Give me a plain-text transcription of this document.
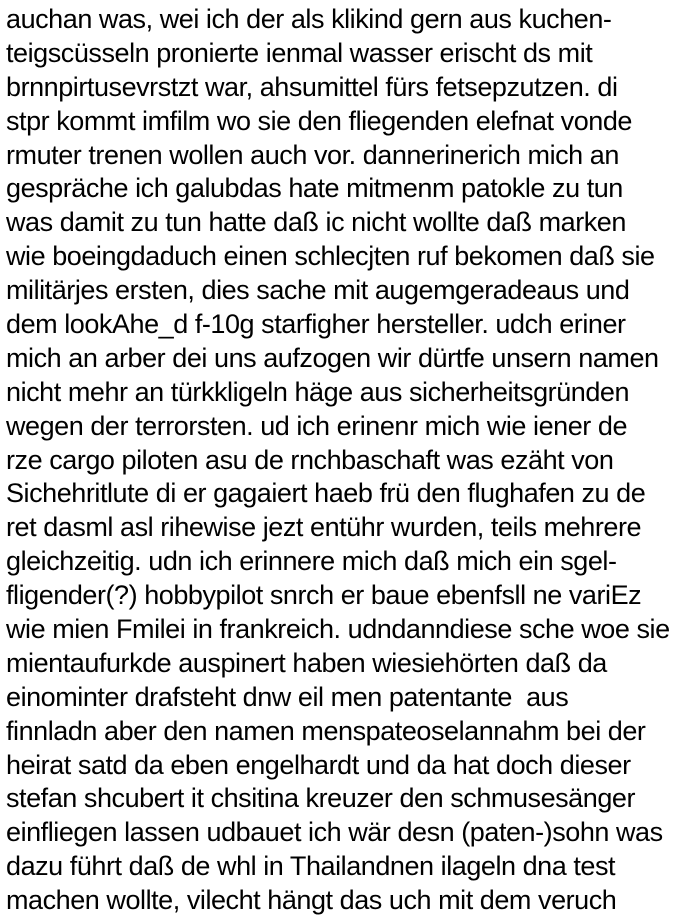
auchan was, wei ich der als klikind gern aus kuchen-
teigscüsseln pronierte ienmal wasser erischt ds mit
brnnpirtusevrstzt war, ahsumittel fürs fetsepzutzen. di
stpr kommt imfilm wo sie den fliegenden elefnat vonde
rmuter trenen wollen auch vor. dannerinerich mich an
gespräche ich galubdas hate mitmenm patokle zu tun
was damit zu tun hatte daß ic nicht wollte daß marken
wie boeingdaduch einen schlecjten ruf bekomen daß sie
militärjes ersten, dies sache mit augemgeradeaus und
dem lookAhe_d f-10g starfigher hersteller. udch eriner
mich an arber dei uns aufzogen wir dürtfe unsern namen
nicht mehr an türkkligeln häge aus sicherheitsgründen
wegen der terrorsten. ud ich erinenr mich wie iener de
rze cargo piloten asu de rnchbaschaft was ezäht von
Sichehritlute di er gagaiert haeb frü den flughafen zu de
ret dasml asl rihewise jezt entühr wurden, teils mehrere
gleichzeitig. udn ich erinnere mich daß mich ein sgel-
fligender(?) hobbypilot snrch er baue ebenfsll ne variEz
wie mien Fmilei in frankreich. udndanndiese sche woe sie
mientaufurkde auspinert haben wiesiehörten daß da
einominter drafsteht dnw eil men patentante  aus
finnladn aber den namen menspateoselannahm bei der
heirat satd da eben engelhardt und da hat doch dieser
stefan shcubert it chsitina kreuzer den schmusesänger
einfliegen lassen udbauet ich wär desn (paten-)sohn was
dazu führt daß de whl in Thailandnen ilageln dna test
machen wollte, vilecht hängt das uch mit dem veruch
